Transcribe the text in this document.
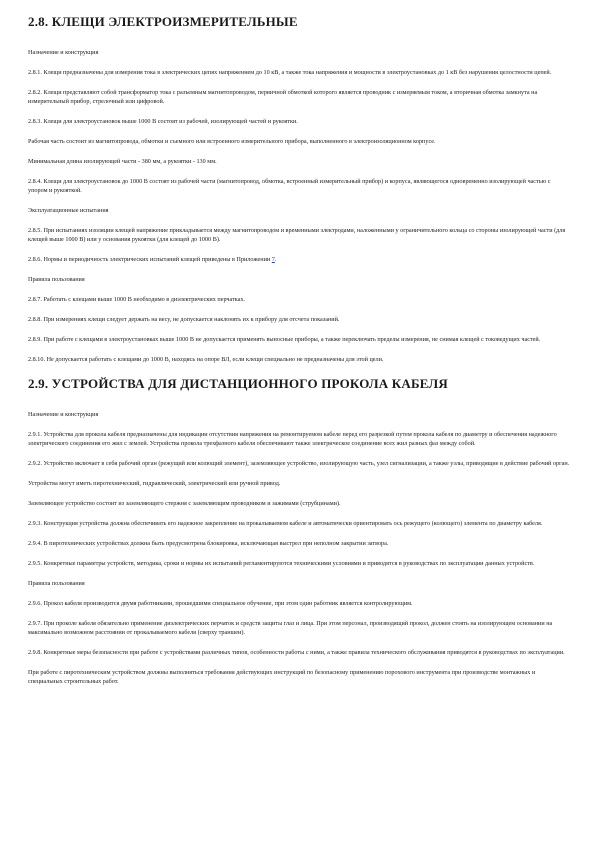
2.8. КЛЕЩИ ЭЛЕКТРОИЗМЕРИТЕЛЬНЫЕ

Назначение и конструкция

2.8.1. Клещи предназначены для измерения тока в электрических цепях напряжением до 10 кВ, а также тока напряжения и мощности в электроустановках до 1 кВ без нарушения целостности цепей.

2.8.2. Клещи представляют собой трансформатор тока с разъемным магнитопроводом, первичной обмоткой которого является проводник с измеряемым током, а вторичная обмотка замкнута на измерительный прибор, стрелочный или цифровой.

2.8.3. Клещи для электроустановок выше 1000 В состоят из рабочей, изолирующей частей и рукоятки.

Рабочая часть состоит из магнитопровода, обмотки и съемного или встроенного измерительного прибора, выполненного в электроизоляционном корпусе.

Минимальная длина изолирующей части - 380 мм, а рукоятки - 130 мм.

2.8.4. Клещи для электроустановок до 1000 В состоят из рабочей части (магнитопровод, обмотка, встроенный измерительный прибор) и корпуса, являющегося одновременно изолирующей частью с упором и рукояткой.

Эксплуатационные испытания

2.8.5. При испытаниях изоляции клещей напряжение прикладывается между магнитопроводом и временными электродами, наложенными у ограничительного кольца со стороны изолирующей части (для клещей выше 1000 В) или у основания рукоятки (для клещей до 1000 В).

2.8.6. Нормы и периодичность электрических испытаний клещей приведены в Приложении 7.

Правила пользования

2.8.7. Работать с клещами выше 1000 В необходимо в диэлектрических перчатках.

2.8.8. При измерениях клещи следует держать на весу, не допускается наклонять их к прибору для отсчета показаний.

2.8.9. При работе с клещами в электроустановках выше 1000 В не допускается применять выносные приборы, а также переключать пределы измерения, не снимая клещей с токоведущих частей.

2.8.10. Не допускается работать с клещами до 1000 В, находясь на опоре ВЛ, если клещи специально не предназначены для этой цели.

2.9. УСТРОЙСТВА ДЛЯ ДИСТАНЦИОННОГО ПРОКОЛА КАБЕЛЯ

Назначение и конструкция

2.9.1. Устройства для прокола кабеля предназначены для индикации отсутствия напряжения на ремонтируемом кабеле перед его разрезкой путем прокола кабеля по диаметру и обеспечения надежного электрического соединения его жил с землей. Устройства прокола трехфазного кабеля обеспечивают также электрическое соединение всех жил разных фаз между собой.

2.9.2. Устройство включает в себя рабочий орган (режущий или колющий элемент), заземляющее устройство, изолирующую часть, узел сигнализации, а также узлы, приводящие в действие рабочий орган.

Устройства могут иметь пиротехнический, гидравлический, электрический или ручной привод.

Заземляющее устройство состоит из заземляющего стержня с заземляющим проводником и зажимами (струбцинами).

2.9.3. Конструкция устройства должна обеспечивать его надежное закрепление на прокалываемом кабеле и автоматически ориентировать ось режущего (колющего) элемента по диаметру кабеля.

2.9.4. В пиротехнических устройствах должна быть предусмотрена блокировка, исключающая выстрел при неполном закрытии затвора.

2.9.5. Конкретные параметры устройств, методика, сроки и нормы их испытаний регламентируются техническими условиями и приводятся в руководствах по эксплуатации данных устройств.

Правила пользования

2.9.6. Прокол кабеля производится двумя работниками, прошедшими специальное обучение, при этом один работник является контролирующим.

2.9.7. При проколе кабеля обязательно применение диэлектрических перчаток и средств защиты глаз и лица. При этом персонал, производящий прокол, должен стоять на изолирующем основании на максимально возможном расстоянии от прокалываемого кабеля (сверху траншеи).

2.9.8. Конкретные меры безопасности при работе с устройствами различных типов, особенности работы с ними, а также правила технического обслуживания приводятся в руководствах по эксплуатации.

При работе с пиротехническим устройством должны выполняться требования действующих инструкций по безопасному применению порохового инструмента при производстве монтажных и специальных строительных работ.
